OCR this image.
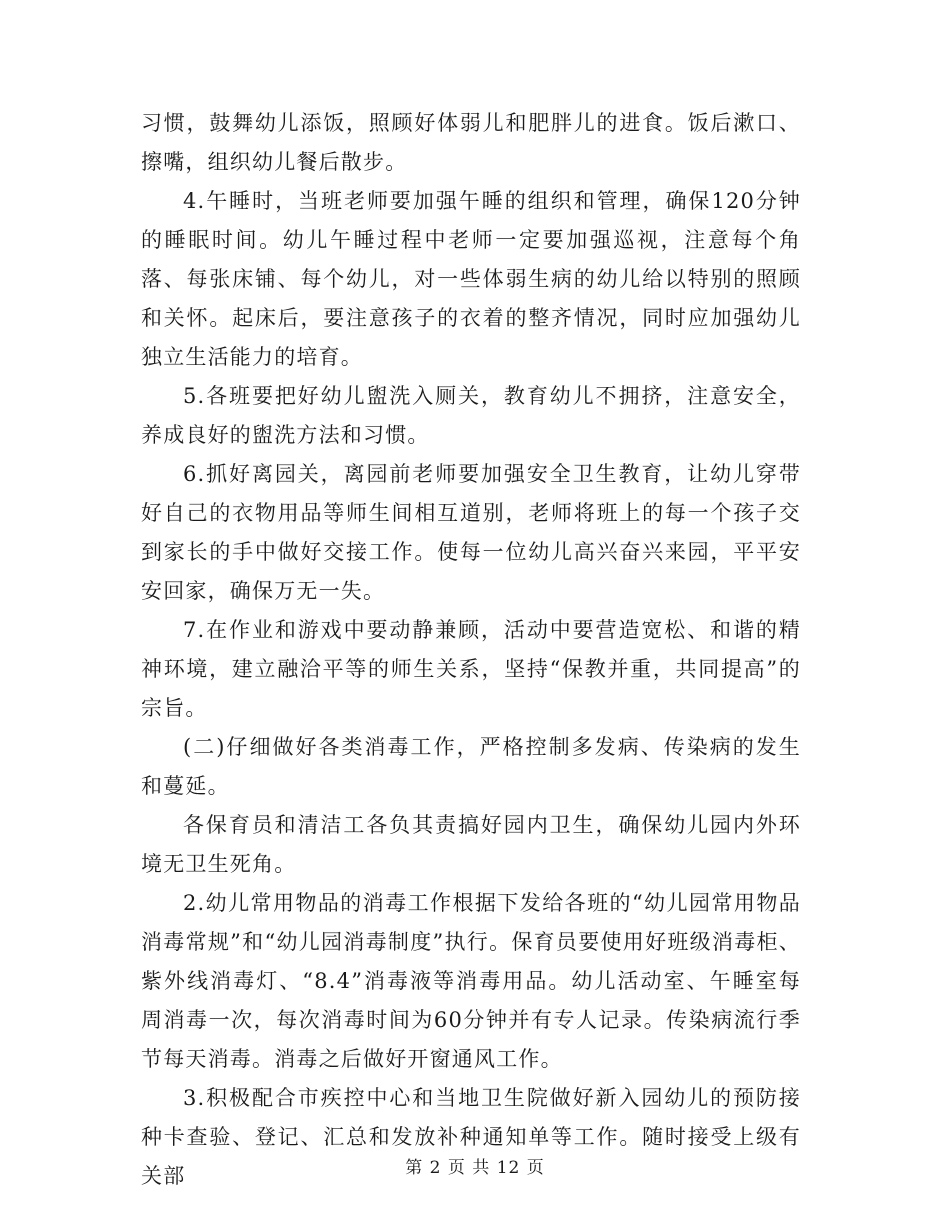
习惯，鼓舞幼儿添饭，照顾好体弱儿和肥胖儿的进食。饭后漱口、擦嘴，组织幼儿餐后散步。

4.午睡时，当班老师要加强午睡的组织和管理，确保120分钟的睡眠时间。幼儿午睡过程中老师一定要加强巡视，注意每个角落、每张床铺、每个幼儿，对一些体弱生病的幼儿给以特别的照顾和关怀。起床后，要注意孩子的衣着的整齐情况，同时应加强幼儿独立生活能力的培育。

5.各班要把好幼儿盥洗入厕关，教育幼儿不拥挤，注意安全，养成良好的盥洗方法和习惯。

6.抓好离园关，离园前老师要加强安全卫生教育，让幼儿穿带好自己的衣物用品等师生间相互道别，老师将班上的每一个孩子交到家长的手中做好交接工作。使每一位幼儿高兴奋兴来园，平平安安回家，确保万无一失。

7.在作业和游戏中要动静兼顾，活动中要营造宽松、和谐的精神环境，建立融洽平等的师生关系，坚持“保教并重，共同提高”的宗旨。

(二)仔细做好各类消毒工作，严格控制多发病、传染病的发生和蔓延。

各保育员和清洁工各负其责搞好园内卫生，确保幼儿园内外环境无卫生死角。

2.幼儿常用物品的消毒工作根据下发给各班的“幼儿园常用物品消毒常规”和“幼儿园消毒制度”执行。保育员要使用好班级消毒柜、紫外线消毒灯、“8.4”消毒液等消毒用品。幼儿活动室、午睡室每周消毒一次，每次消毒时间为60分钟并有专人记录。传染病流行季节每天消毒。消毒之后做好开窗通风工作。

3.积极配合市疾控中心和当地卫生院做好新入园幼儿的预防接种卡查验、登记、汇总和发放补种通知单等工作。随时接受上级有关部	第 2 页 共 12 页
